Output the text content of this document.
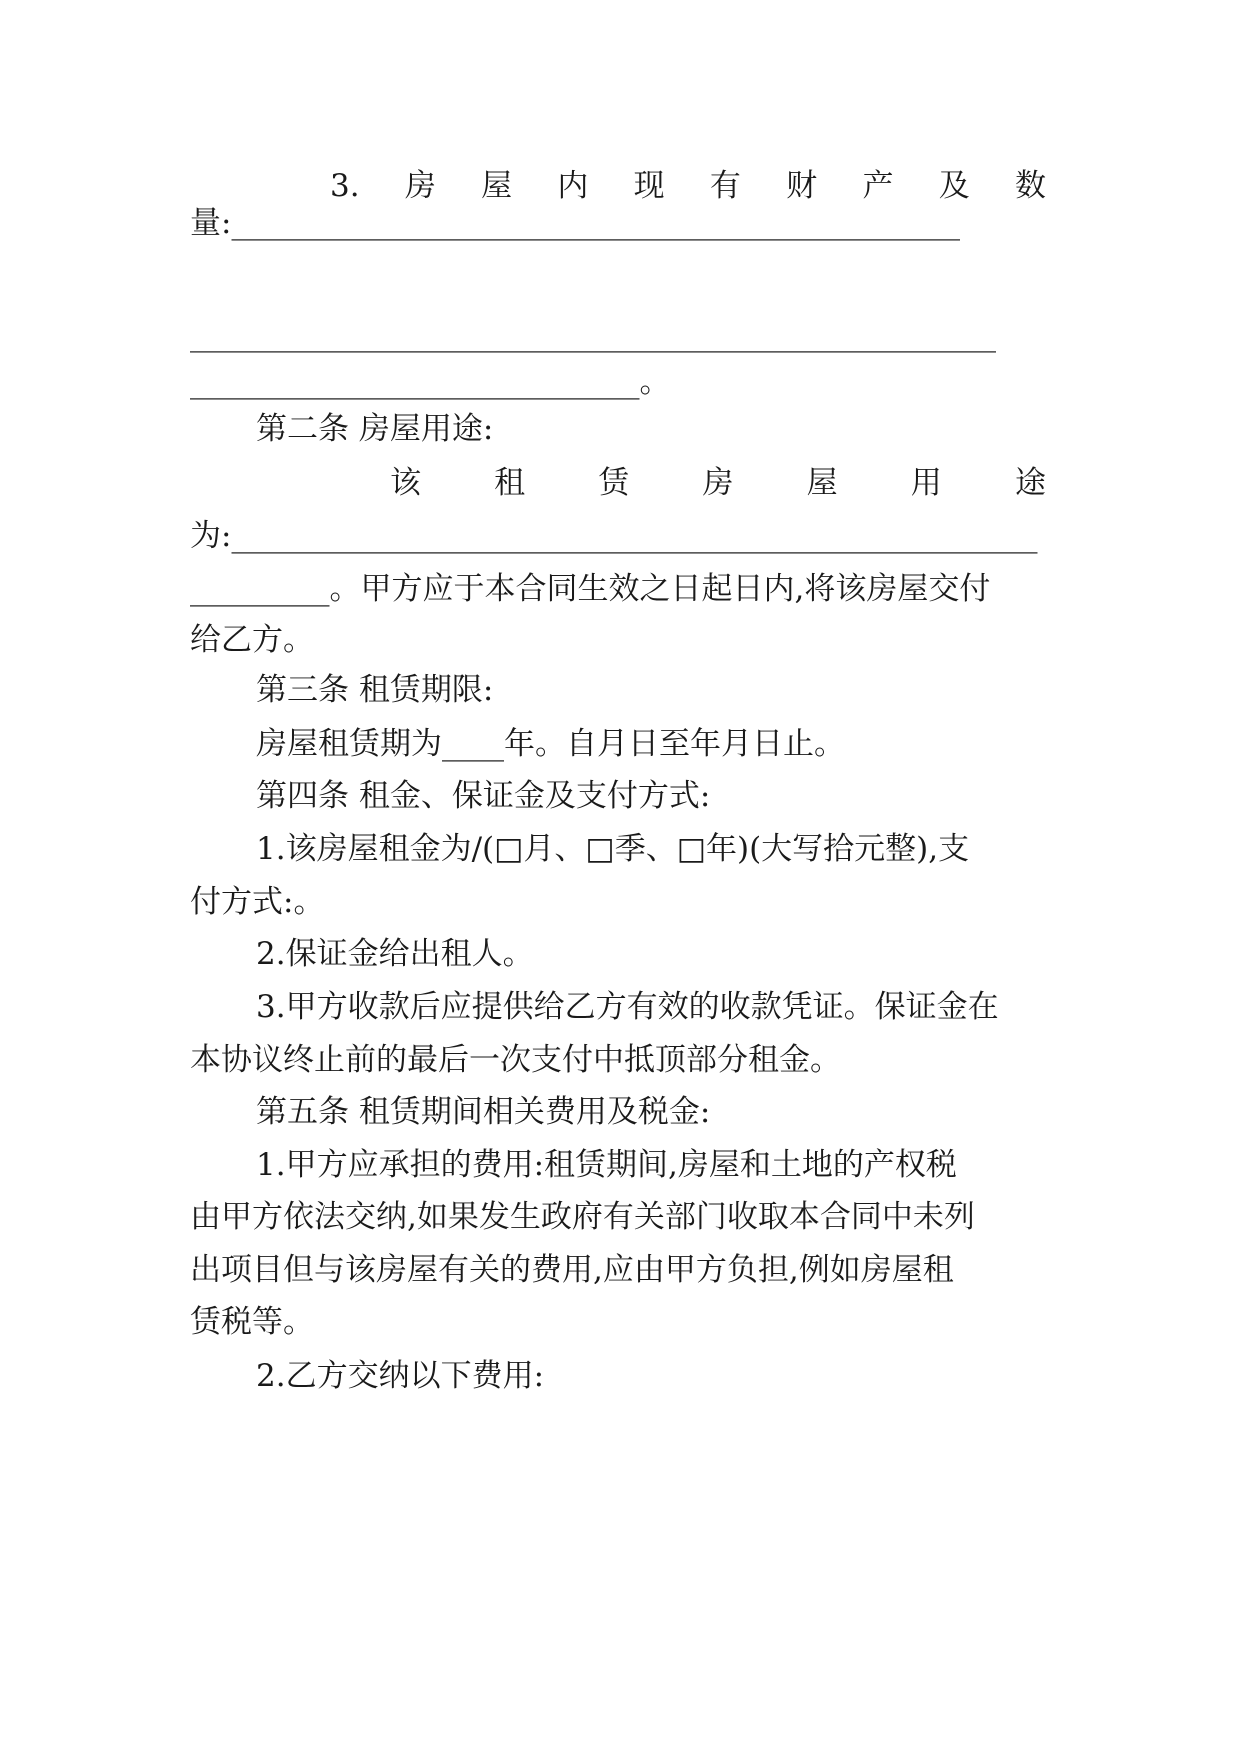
3. 房 屋 内 现 有 财 产 及 数
量:_______________________________________________
____________________________________________________
_____________________________。
第二条 房屋用途:
该 租 赁 房 屋 用 途
为:____________________________________________________
_________。甲方应于本合同生效之日起日内,将该房屋交付
给乙方。
第三条 租赁期限:
房屋租赁期为____年。自月日至年月日止。
第四条 租金、保证金及支付方式:
1.该房屋租金为/(□月、□季、□年)(大写拾元整),支
付方式:。
2.保证金给出租人。
3.甲方收款后应提供给乙方有效的收款凭证。保证金在
本协议终止前的最后一次支付中抵顶部分租金。
第五条 租赁期间相关费用及税金:
1.甲方应承担的费用:租赁期间,房屋和土地的产权税
由甲方依法交纳,如果发生政府有关部门收取本合同中未列
出项目但与该房屋有关的费用,应由甲方负担,例如房屋租
赁税等。
2.乙方交纳以下费用:
